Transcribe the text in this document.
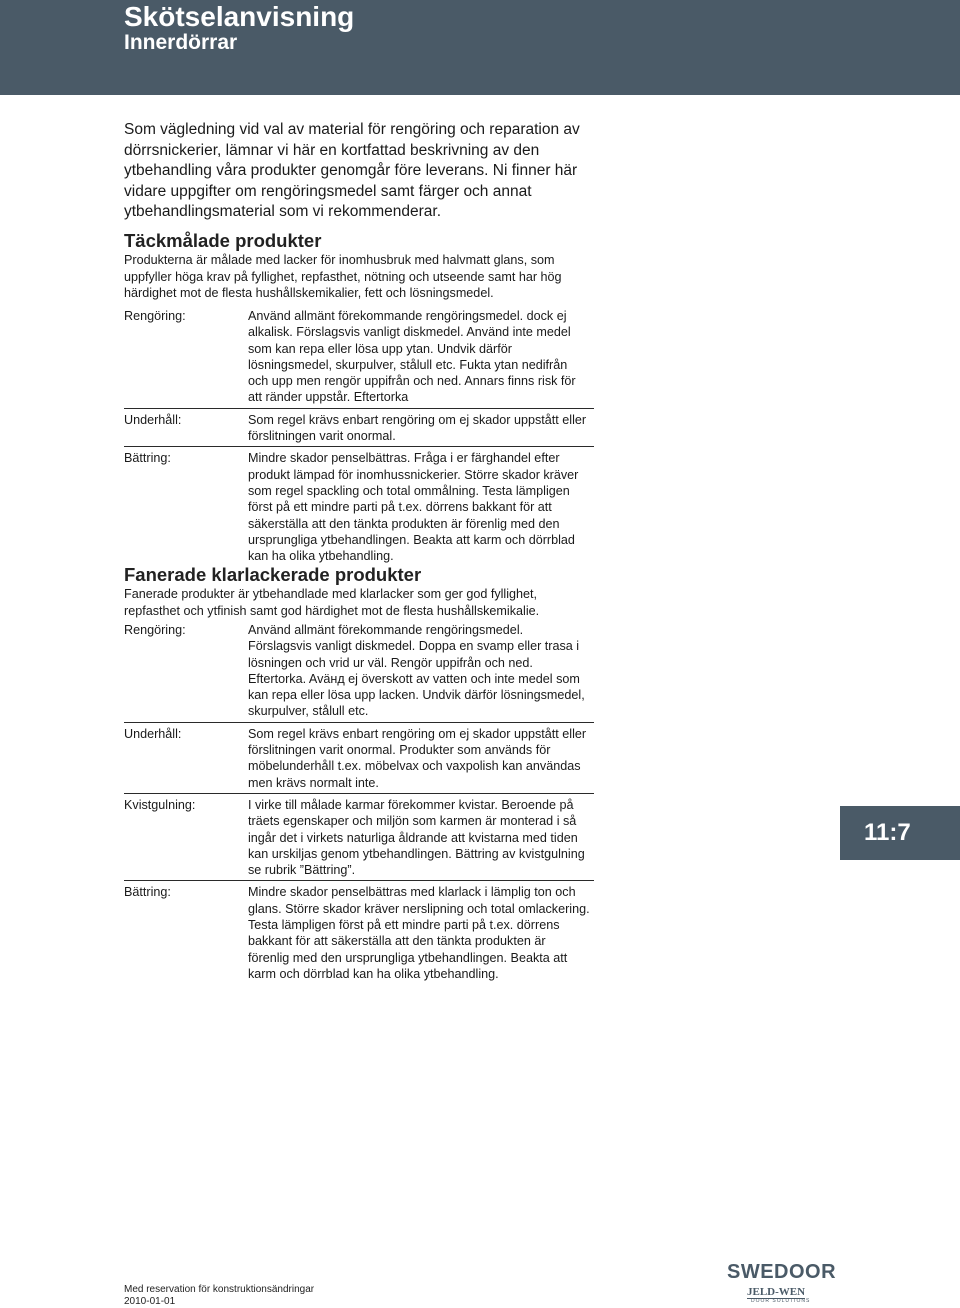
Skötselanvisning
Innerdörrar

Som vägledning vid val av material för rengöring och reparation av dörrsnickerier, lämnar vi här en kortfattad beskrivning av den ytbehandling våra produkter genomgår före leverans. Ni finner här vidare uppgifter om rengöringsmedel samt färger och annat ytbehandlingsmaterial som vi rekommenderar.

Täckmålade produkter

Produkterna är målade med lacker för inomhusbruk med halvmatt glans, som uppfyller höga krav på fyllighet, repfasthet, nötning och utseende samt har hög härdighet mot de flesta hushållskemikalier, fett och lösningsmedel.

Rengöring:	Använd allmänt förekommande rengöringsmedel. dock ej alkalisk. Förslagsvis vanligt diskmedel. Använd inte medel som kan repa eller lösa upp ytan. Undvik därför lösningsmedel, skurpulver, stålull etc. Fukta ytan nedifrån och upp men rengör uppifrån och ned. Annars finns risk för att ränder uppstår. Eftertorka
Underhåll:	Som regel krävs enbart rengöring om ej skador uppstått eller förslitningen varit onormal.
Bättring:	Mindre skador penselbättras. Fråga i er färghandel efter produkt lämpad för inomhussnickerier. Större skador kräver som regel spackling och total ommålning. Testa lämpligen först på ett mindre parti på t.ex. dörrens bakkant för att säkerställa att den tänkta produkten är förenlig med den ursprungliga ytbehandlingen. Beakta att karm och dörrblad kan ha olika ytbehandling.
Fanerade klarlackerade produkter

Fanerade produkter är ytbehandlade med klarlacker som ger god fyllighet, repfasthet och ytfinish samt god härdighet mot de flesta hushållskemikalie.

Rengöring:	Använd allmänt förekommande rengöringsmedel. Förslagsvis vanligt diskmedel. Doppa en svamp eller trasa i lösningen och vrid ur väl. Rengör uppifrån och ned. Eftertorka. Aväнд ej överskott av vatten och inte medel som kan repa eller lösa upp lacken. Undvik därför lösningsmedel, skurpulver, stålull etc.
Underhåll:	Som regel krävs enbart rengöring om ej skador uppstått eller förslitningen varit onormal. Produkter som används för möbelunderhåll t.ex. möbelvax och vaxpolish kan användas men krävs normalt inte.
Kvistgulning:	I virke till målade karmar förekommer kvistar. Beroende på träets egenskaper och miljön som karmen är monterad i så ingår det i virkets naturliga åldrande att kvistarna med tiden kan urskiljas genom ytbehandlingen. Bättring av kvistgulning se rubrik ”Bättring”.
Bättring:	Mindre skador penselbättras med klarlack i lämplig ton och glans. Större skador kräver nerslipning och total omlackering. Testa lämpligen först på ett mindre parti på t.ex. dörrens bakkant för att säkerställa att den tänkta produkten är förenlig med den ursprungliga ytbehandlingen. Beakta att karm och dörrblad kan ha olika ytbehandling.
11:7
Med reservation för konstruktionsändringar
2010-01-01
SWEDOOR
JELD-WEN
DOOR SOLUTIONS
